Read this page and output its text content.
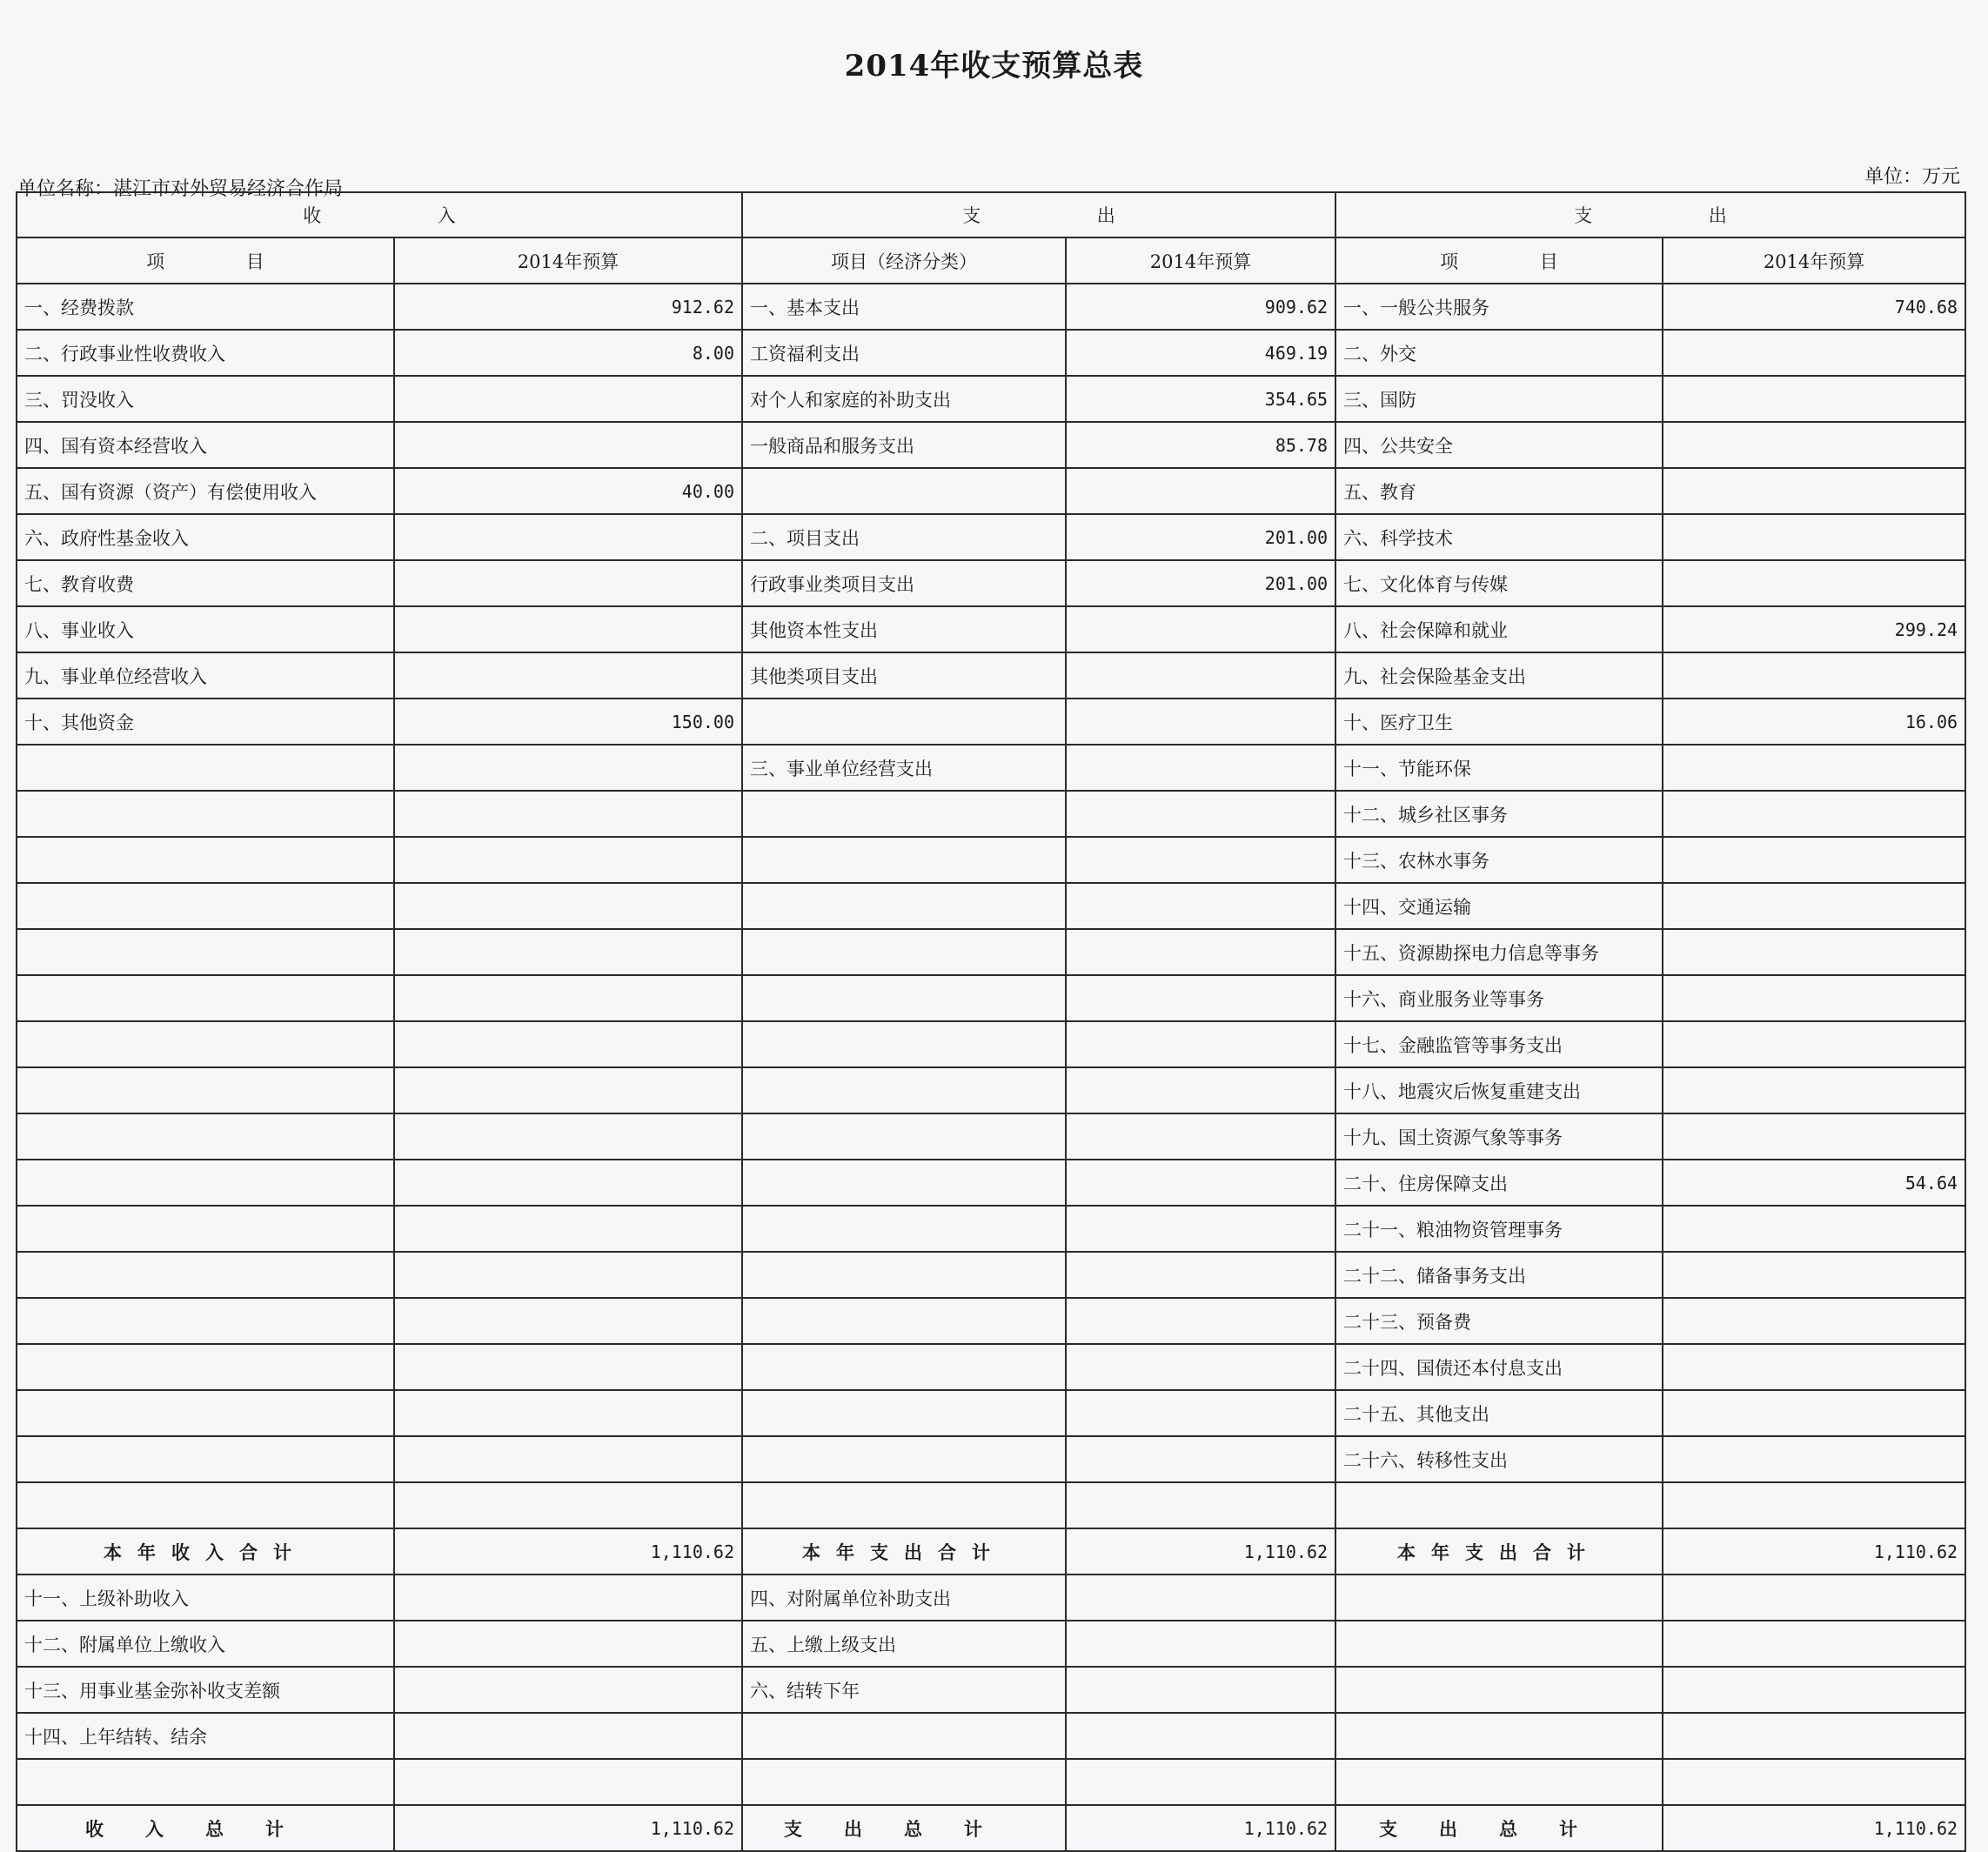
2014年收支预算总表
单位名称：湛江市对外贸易经济合作局
单位：万元
收                    入		支                    出		支                    出	
项              目	2014年预算	项目（经济分类）	2014年预算	项              目	2014年预算
一、经费拨款	912.62	一、基本支出	909.62	一、一般公共服务	740.68
二、行政事业性收费收入	8.00	工资福利支出	469.19	二、外交	
三、罚没收入		对个人和家庭的补助支出	354.65	三、国防	
四、国有资本经营收入		一般商品和服务支出	85.78	四、公共安全	
五、国有资源（资产）有偿使用收入	40.00			五、教育	
六、政府性基金收入		二、项目支出	201.00	六、科学技术	
七、教育收费		行政事业类项目支出	201.00	七、文化体育与传媒	
八、事业收入		其他资本性支出		八、社会保障和就业	299.24
九、事业单位经营收入		其他类项目支出		九、社会保险基金支出	
十、其他资金	150.00			十、医疗卫生	16.06
		三、事业单位经营支出		十一、节能环保	
				十二、城乡社区事务	
				十三、农林水事务	
				十四、交通运输	
				十五、资源勘探电力信息等事务	
				十六、商业服务业等事务	
				十七、金融监管等事务支出	
				十八、地震灾后恢复重建支出	
				十九、国土资源气象等事务	
				二十、住房保障支出	54.64
				二十一、粮油物资管理事务	
				二十二、储备事务支出	
				二十三、预备费	
				二十四、国债还本付息支出	
				二十五、其他支出	
				二十六、转移性支出	

本年收入合计	1,110.62	本年支出合计	1,110.62	本年支出合计	1,110.62
十一、上级补助收入		四、对附属单位补助支出			
十二、附属单位上缴收入		五、上缴上级支出			
十三、用事业基金弥补收支差额		六、结转下年			
十四、上年结转、结余					

收入总计	1,110.62	支出总计	1,110.62	支出总计	1,110.62
